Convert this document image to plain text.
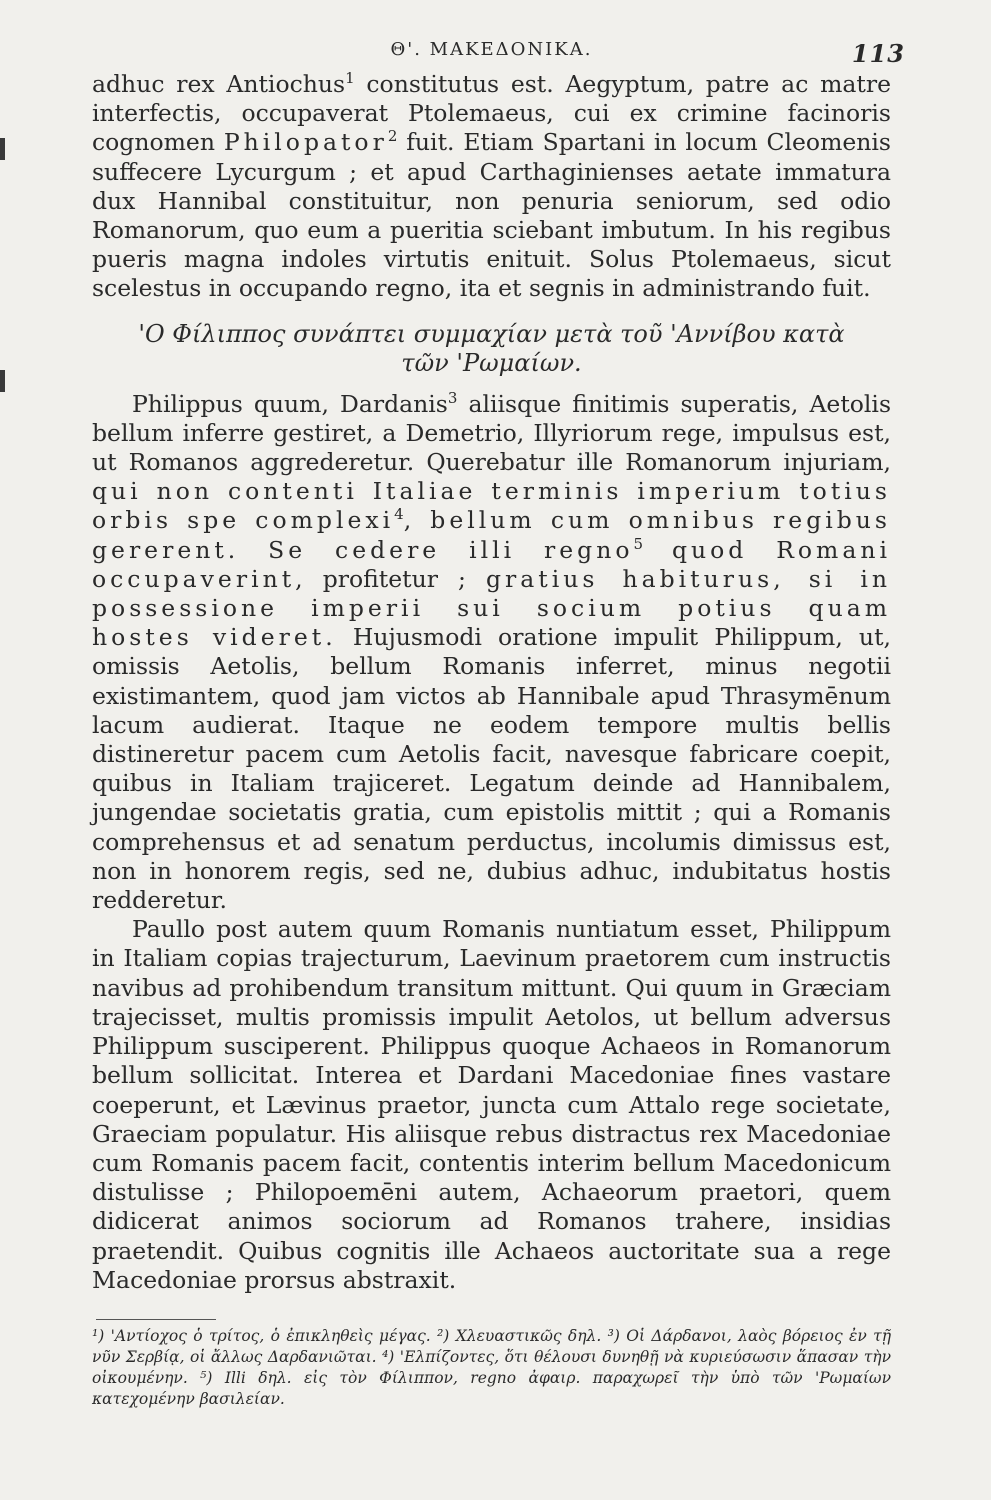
Θ'. ΜΑΚΕΔΟΝΙΚΑ.	113

adhuc rex Antiochus$^1$ constitutus est. Aegyptum, patre ac matre interfectis, occupaverat Ptolemaeus, cui ex crimine facinoris cognomen Philopator$^2$ fuit. Etiam Spartani in locum Cleomenis suffecere Lycurgum ; et apud Carthaginienses aetate immatura dux Hannibal constituitur, non penuria seniorum, sed odio Romanorum, quo eum a pueritia sciebant imbutum. In his regibus pueris magna indoles virtutis enituit. Solus Ptolemaeus, sicut scelestus in occupando regno, ita et segnis in administrando fuit.

'Ο Φίλιππος συνάπτει συμμαχίαν μετὰ τοῦ 'Αννίβου κατὰ τῶν 'Ρωμαίων.

Philippus quum, Dardanis$^3$ aliisque finitimis superatis, Aetolis bellum inferre gestiret, a Demetrio, Illyriorum rege, impulsus est, ut Romanos aggrederetur. Querebatur ille Romanorum injuriam, qui non contenti Italiae terminis imperium totius orbis spe complexi$^4$, bellum cum omnibus regibus gererent. Se cedere illi regno$^5$ quod Romani occupaverint, profitetur ; gratius habiturus, si in possessione imperii sui socium potius quam hostes videret. Hujusmodi oratione impulit Philippum, ut, omissis Aetolis, bellum Romanis inferret, minus negotii existimantem, quod jam victos ab Hannibale apud Thrasymēnum lacum audierat. Itaque ne eodem tempore multis bellis distineretur pacem cum Aetolis facit, navesque fabricare coepit, quibus in Italiam trajiceret. Legatum deinde ad Hannibalem, jungendae societatis gratia, cum epistolis mittit ; qui a Romanis comprehensus et ad senatum perductus, incolumis dimissus est, non in honorem regis, sed ne, dubius adhuc, indubitatus hostis redderetur.

Paullo post autem quum Romanis nuntiatum esset, Philippum in Italiam copias trajecturum, Laevinum praetorem cum instructis navibus ad prohibendum transitum mittunt. Qui quum in Græciam trajecisset, multis promissis impulit Aetolos, ut bellum adversus Philippum susciperent. Philippus quoque Achaeos in Romanorum bellum sollicitat. Interea et Dardani Macedoniae fines vastare coeperunt, et Lævinus praetor, juncta cum Attalo rege societate, Graeciam populatur. His aliisque rebus distractus rex Macedoniae cum Romanis pacem facit, contentis interim bellum Macedonicum distulisse ; Philopoemēni autem, Achaeorum praetori, quem didicerat animos sociorum ad Romanos trahere, insidias praetendit. Quibus cognitis ille Achaeos auctoritate sua a rege Macedoniae prorsus abstraxit.

¹) 'Αντίοχος ὁ τρίτος, ὁ ἐπικληθεὶς μέγας. ²) Χλευαστικῶς δηλ. ³) Οἱ Δάρδανοι, λαὸς βόρειος ἐν τῇ νῦν Σερβίᾳ, οἱ ἄλλως Δαρδανιῶται. ⁴) 'Ελπίζοντες, ὅτι θέλουσι δυνηθῇ νὰ κυριεύσωσιν ἅπασαν τὴν οἰκουμένην. ⁵) Illi δηλ. εἰς τὸν Φίλιππον, regno ἀφαιρ. παραχωρεῖ τὴν ὑπὸ τῶν 'Ρωμαίων κατεχομένην βασιλείαν.
